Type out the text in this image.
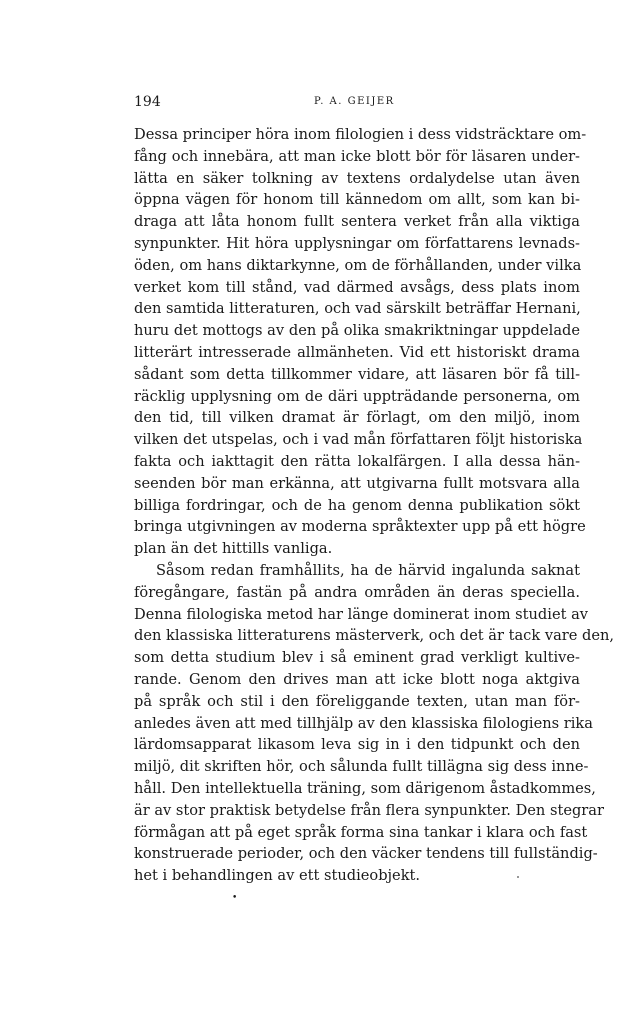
194	P. A. GEIJER
Dessa principer höra inom filologien i dess vidsträcktare om-
fång och innebära, att man icke blott bör för läsaren under-
lätta en säker tolkning av textens ordalydelse utan även
öppna vägen för honom till kännedom om allt, som kan bi-
draga att låta honom fullt sentera verket från alla viktiga
synpunkter. Hit höra upplysningar om författarens levnads-
öden, om hans diktarkynne, om de förhållanden, under vilka
verket kom till stånd, vad därmed avsågs, dess plats inom
den samtida litteraturen, och vad särskilt beträffar Hernani,
huru det mottogs av den på olika smakriktningar uppdelade
litterärt intresserade allmänheten. Vid ett historiskt drama
sådant som detta tillkommer vidare, att läsaren bör få till-
räcklig upplysning om de däri uppträdande personerna, om
den tid, till vilken dramat är förlagt, om den miljö, inom
vilken det utspelas, och i vad mån författaren följt historiska
fakta och iakttagit den rätta lokalfärgen. I alla dessa hän-
seenden bör man erkänna, att utgivarna fullt motsvara alla
billiga fordringar, och de ha genom denna publikation sökt
bringa utgivningen av moderna språktexter upp på ett högre
plan än det hittills vanliga.
Såsom redan framhållits, ha de härvid ingalunda saknat
föregångare, fastän på andra områden än deras speciella.
Denna filologiska metod har länge dominerat inom studiet av
den klassiska litteraturens mästerverk, och det är tack vare den,
som detta studium blev i så eminent grad verkligt kultive-
rande. Genom den drives man att icke blott noga aktgiva
på språk och stil i den föreliggande texten, utan man för-
anledes även att med tillhjälp av den klassiska filologiens rika
lärdomsapparat likasom leva sig in i den tidpunkt och den
miljö, dit skriften hör, och sålunda fullt tillägna sig dess inne-
håll. Den intellektuella träning, som därigenom åstadkommes,
är av stor praktisk betydelse från flera synpunkter. Den stegrar
förmågan att på eget språk forma sina tankar i klara och fast
konstruerade perioder, och den väcker tendens till fullständig-
het i behandlingen av ett studieobjekt.
•
